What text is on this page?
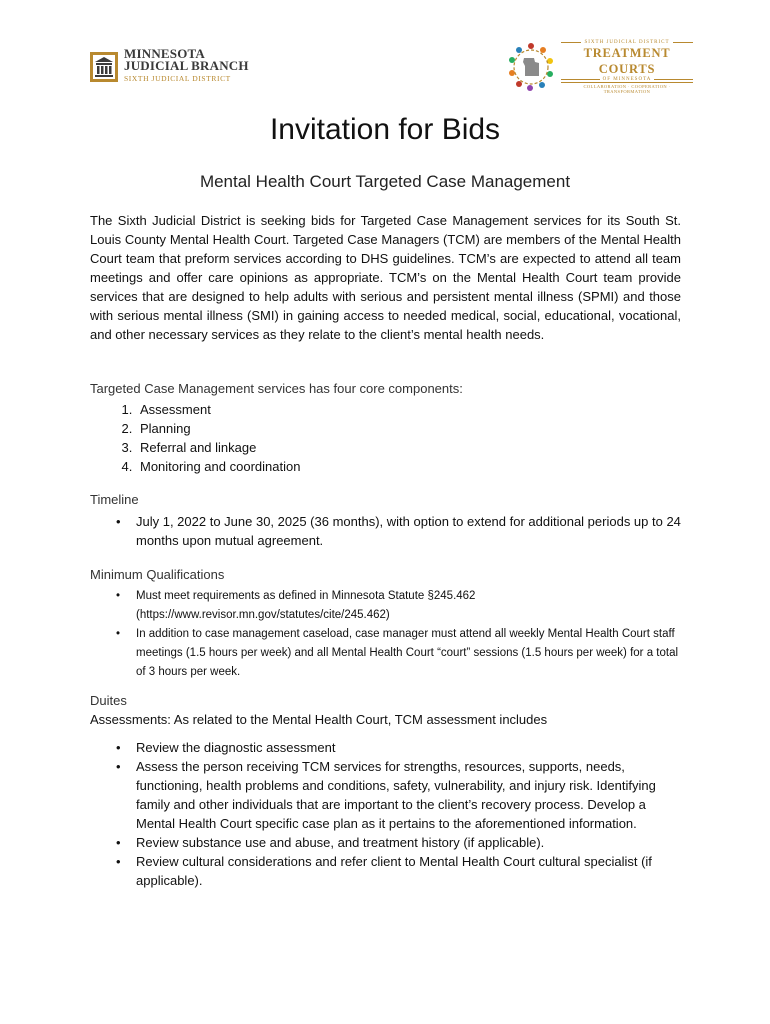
MINNESOTA
JUDICIAL BRANCH
SIXTH JUDICIAL DISTRICT
SIXTH JUDICIAL DISTRICT
TREATMENT COURTS
OF MINNESOTA
COLLABORATION · COOPERATION · TRANSFORMATION
Invitation for Bids
Mental Health Court Targeted Case Management
The Sixth Judicial District is seeking bids for Targeted Case Management services for its South St. Louis County Mental Health Court. Targeted Case Managers (TCM) are members of the Mental Health Court team that preform services according to DHS guidelines. TCM’s are expected to attend all team meetings and offer care opinions as appropriate. TCM’s on the Mental Health Court team provide services that are designed to help adults with serious and persistent mental illness (SPMI) and those with serious mental illness (SMI) in gaining access to needed medical, social, educational, vocational, and other necessary services as they relate to the client’s mental health needs.
Targeted Case Management services has four core components:
1. Assessment
2. Planning
3. Referral and linkage
4. Monitoring and coordination
Timeline
• July 1, 2022 to June 30, 2025 (36 months), with option to extend for additional periods up to 24 months upon mutual agreement.
Minimum Qualifications
• Must meet requirements as defined in Minnesota Statute §245.462 (https://www.revisor.mn.gov/statutes/cite/245.462)
• In addition to case management caseload, case manager must attend all weekly Mental Health Court staff meetings (1.5 hours per week) and all Mental Health Court “court” sessions (1.5 hours per week) for a total of 3 hours per week.
Duites
Assessments: As related to the Mental Health Court, TCM assessment includes
• Review the diagnostic assessment
• Assess the person receiving TCM services for strengths, resources, supports, needs, functioning, health problems and conditions, safety, vulnerability, and injury risk. Identifying family and other individuals that are important to the client’s recovery process. Develop a Mental Health Court specific case plan as it pertains to the aforementioned information.
• Review substance use and abuse, and treatment history (if applicable).
• Review cultural considerations and refer client to Mental Health Court cultural specialist (if applicable).
